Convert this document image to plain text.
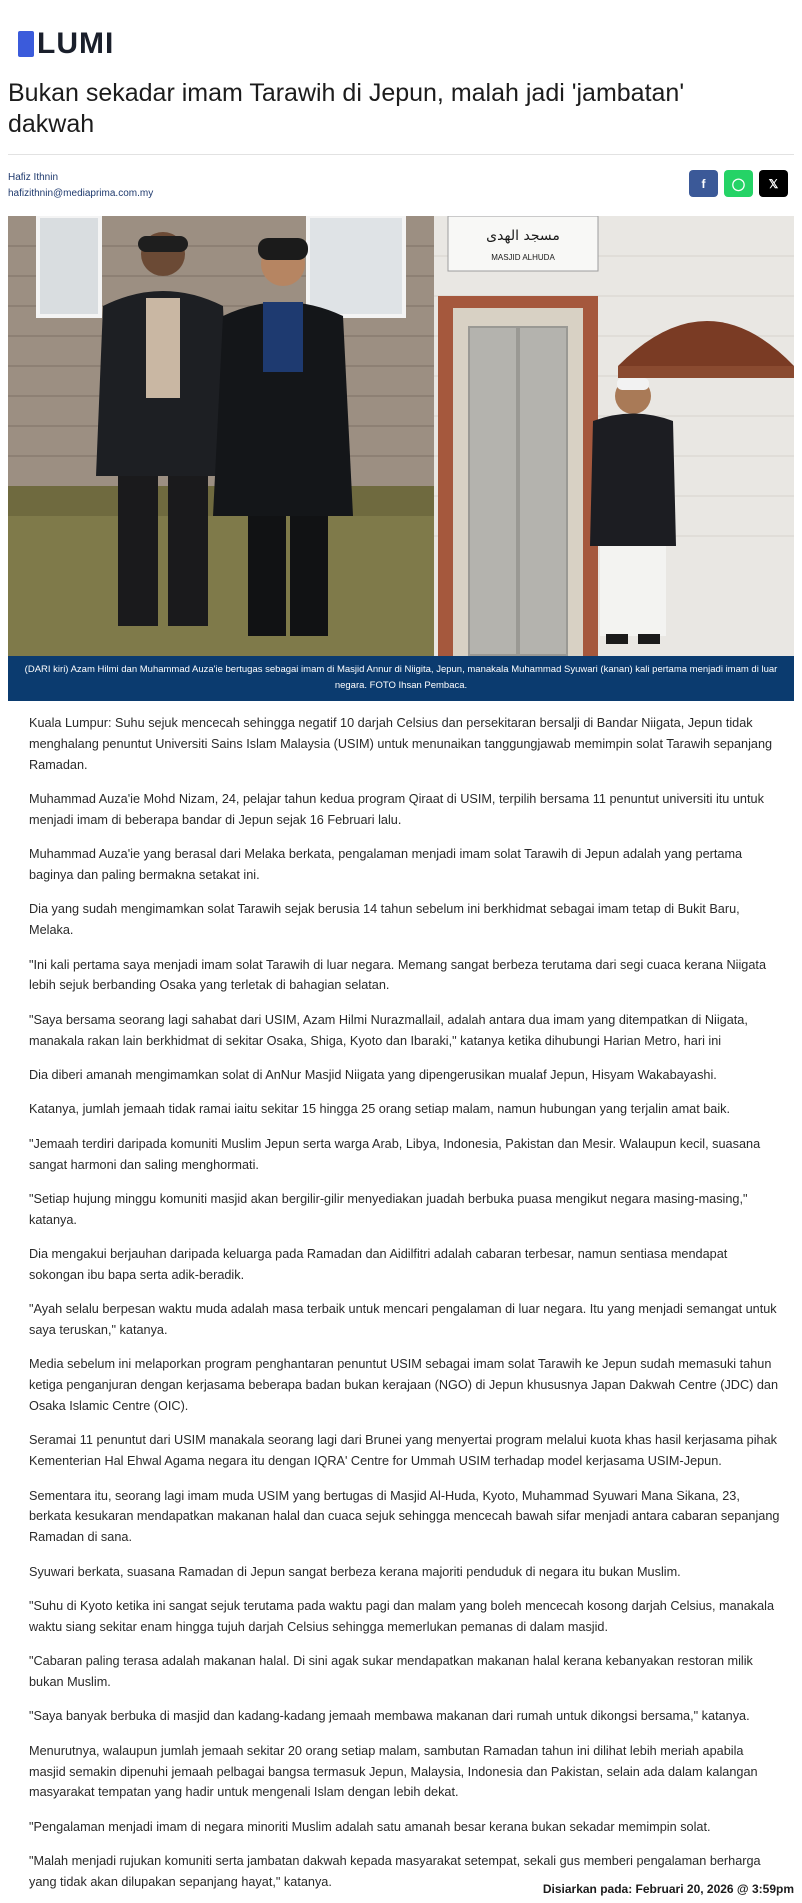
LUMI
Bukan sekadar imam Tarawih di Jepun, malah jadi 'jambatan' dakwah
Hafiz Ithnin
hafizithnin@mediaprima.com.my
f ◯ 𝕏
مسجد الهدى
MASJID ALHUDA
(DARI kiri) Azam Hilmi dan Muhammad Auza'ie bertugas sebagai imam di Masjid Annur di Niigita, Jepun, manakala Muhammad Syuwari (kanan) kali pertama menjadi imam di luar negara. FOTO Ihsan Pembaca.

Kuala Lumpur: Suhu sejuk mencecah sehingga negatif 10 darjah Celsius dan persekitaran bersalji di Bandar Niigata, Jepun tidak menghalang penuntut Universiti Sains Islam Malaysia (USIM) untuk menunaikan tanggungjawab memimpin solat Tarawih sepanjang Ramadan.

Muhammad Auza'ie Mohd Nizam, 24, pelajar tahun kedua program Qiraat di USIM, terpilih bersama 11 penuntut universiti itu untuk menjadi imam di beberapa bandar di Jepun sejak 16 Februari lalu.

Muhammad Auza'ie yang berasal dari Melaka berkata, pengalaman menjadi imam solat Tarawih di Jepun adalah yang pertama baginya dan paling bermakna setakat ini.

Dia yang sudah mengimamkan solat Tarawih sejak berusia 14 tahun sebelum ini berkhidmat sebagai imam tetap di Bukit Baru, Melaka.

"Ini kali pertama saya menjadi imam solat Tarawih di luar negara. Memang sangat berbeza terutama dari segi cuaca kerana Niigata lebih sejuk berbanding Osaka yang terletak di bahagian selatan.

"Saya bersama seorang lagi sahabat dari USIM, Azam Hilmi Nurazmallail, adalah antara dua imam yang ditempatkan di Niigata, manakala rakan lain berkhidmat di sekitar Osaka, Shiga, Kyoto dan Ibaraki," katanya ketika dihubungi Harian Metro, hari ini

Dia diberi amanah mengimamkan solat di AnNur Masjid Niigata yang dipengerusikan mualaf Jepun, Hisyam Wakabayashi.

Katanya, jumlah jemaah tidak ramai iaitu sekitar 15 hingga 25 orang setiap malam, namun hubungan yang terjalin amat baik.

"Jemaah terdiri daripada komuniti Muslim Jepun serta warga Arab, Libya, Indonesia, Pakistan dan Mesir. Walaupun kecil, suasana sangat harmoni dan saling menghormati.

"Setiap hujung minggu komuniti masjid akan bergilir-gilir menyediakan juadah berbuka puasa mengikut negara masing-masing," katanya.

Dia mengakui berjauhan daripada keluarga pada Ramadan dan Aidilfitri adalah cabaran terbesar, namun sentiasa mendapat sokongan ibu bapa serta adik-beradik.

"Ayah selalu berpesan waktu muda adalah masa terbaik untuk mencari pengalaman di luar negara. Itu yang menjadi semangat untuk saya teruskan," katanya.

Media sebelum ini melaporkan program penghantaran penuntut USIM sebagai imam solat Tarawih ke Jepun sudah memasuki tahun ketiga penganjuran dengan kerjasama beberapa badan bukan kerajaan (NGO) di Jepun khususnya Japan Dakwah Centre (JDC) dan Osaka Islamic Centre (OIC).

Seramai 11 penuntut dari USIM manakala seorang lagi dari Brunei yang menyertai program melalui kuota khas hasil kerjasama pihak Kementerian Hal Ehwal Agama negara itu dengan IQRA' Centre for Ummah USIM terhadap model kerjasama USIM-Jepun.

Sementara itu, seorang lagi imam muda USIM yang bertugas di Masjid Al-Huda, Kyoto, Muhammad Syuwari Mana Sikana, 23, berkata kesukaran mendapatkan makanan halal dan cuaca sejuk sehingga mencecah bawah sifar menjadi antara cabaran sepanjang Ramadan di sana.

Syuwari berkata, suasana Ramadan di Jepun sangat berbeza kerana majoriti penduduk di negara itu bukan Muslim.

"Suhu di Kyoto ketika ini sangat sejuk terutama pada waktu pagi dan malam yang boleh mencecah kosong darjah Celsius, manakala waktu siang sekitar enam hingga tujuh darjah Celsius sehingga memerlukan pemanas di dalam masjid.

"Cabaran paling terasa adalah makanan halal. Di sini agak sukar mendapatkan makanan halal kerana kebanyakan restoran milik bukan Muslim.

"Saya banyak berbuka di masjid dan kadang-kadang jemaah membawa makanan dari rumah untuk dikongsi bersama," katanya.

Menurutnya, walaupun jumlah jemaah sekitar 20 orang setiap malam, sambutan Ramadan tahun ini dilihat lebih meriah apabila masjid semakin dipenuhi jemaah pelbagai bangsa termasuk Jepun, Malaysia, Indonesia dan Pakistan, selain ada dalam kalangan masyarakat tempatan yang hadir untuk mengenali Islam dengan lebih dekat.

"Pengalaman menjadi imam di negara minoriti Muslim adalah satu amanah besar kerana bukan sekadar memimpin solat.

"Malah menjadi rujukan komuniti serta jambatan dakwah kepada masyarakat setempat, sekali gus memberi pengalaman berharga yang tidak akan dilupakan sepanjang hayat," katanya.

Disiarkan pada: Februari 20, 2026 @ 3:59pm
